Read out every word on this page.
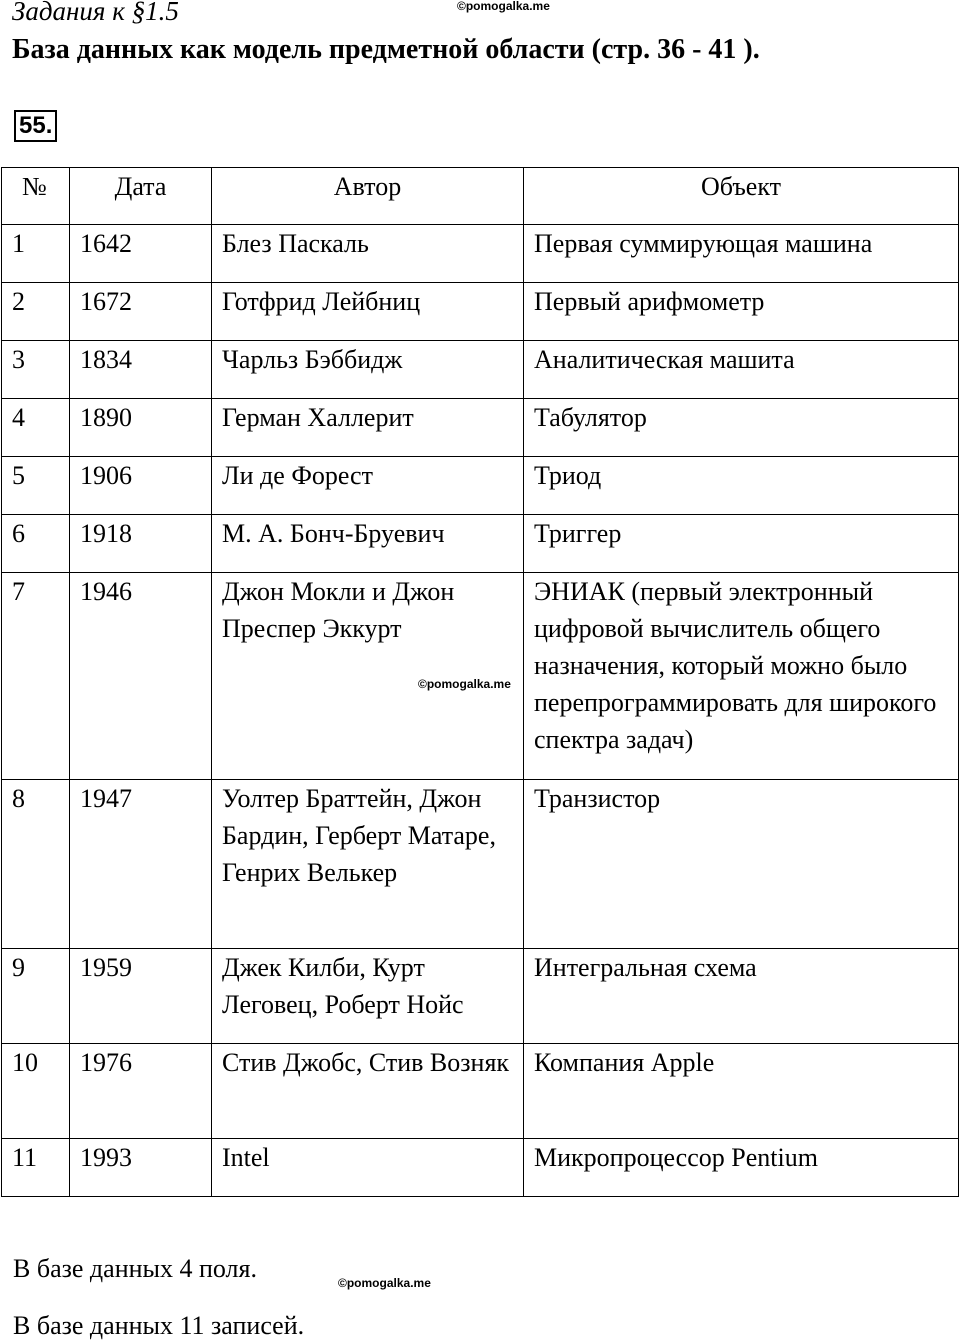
©pomogalka.me
Задания к §1.5
База данных как модель предметной области (стр. 36 - 41 ).
55.
№	Дата	Автор	Объект
1	1642	Блез Паскаль	Первая суммирующая машина
2	1672	Готфрид Лейбниц	Первый арифмометр
3	1834	Чарльз Бэббидж	Аналитическая машита
4	1890	Герман Халлерит	Табулятор
5	1906	Ли де Форест	Триод
6	1918	М. А. Бонч-Бруевич	Триггер
7	1946	Джон Мокли и Джон Преспер Эккурт	ЭНИАК (первый электронный цифровой вычислитель общего назначения, который можно было перепрограммировать для широкого спектра задач)
8	1947	Уолтер Браттейн, Джон Бардин, Герберт Матаре, Генрих Велькер	Транзистор
9	1959	Джек Килби, Курт Леговец, Роберт Нойс	Интегральная схема
10	1976	Стив Джобс, Стив Возняк	Компания Apple
11	1993	Intel	Микропроцессор Pentium
©pomogalka.me
В базе данных 4 поля.	©pomogalka.me
В базе данных 11 записей.
